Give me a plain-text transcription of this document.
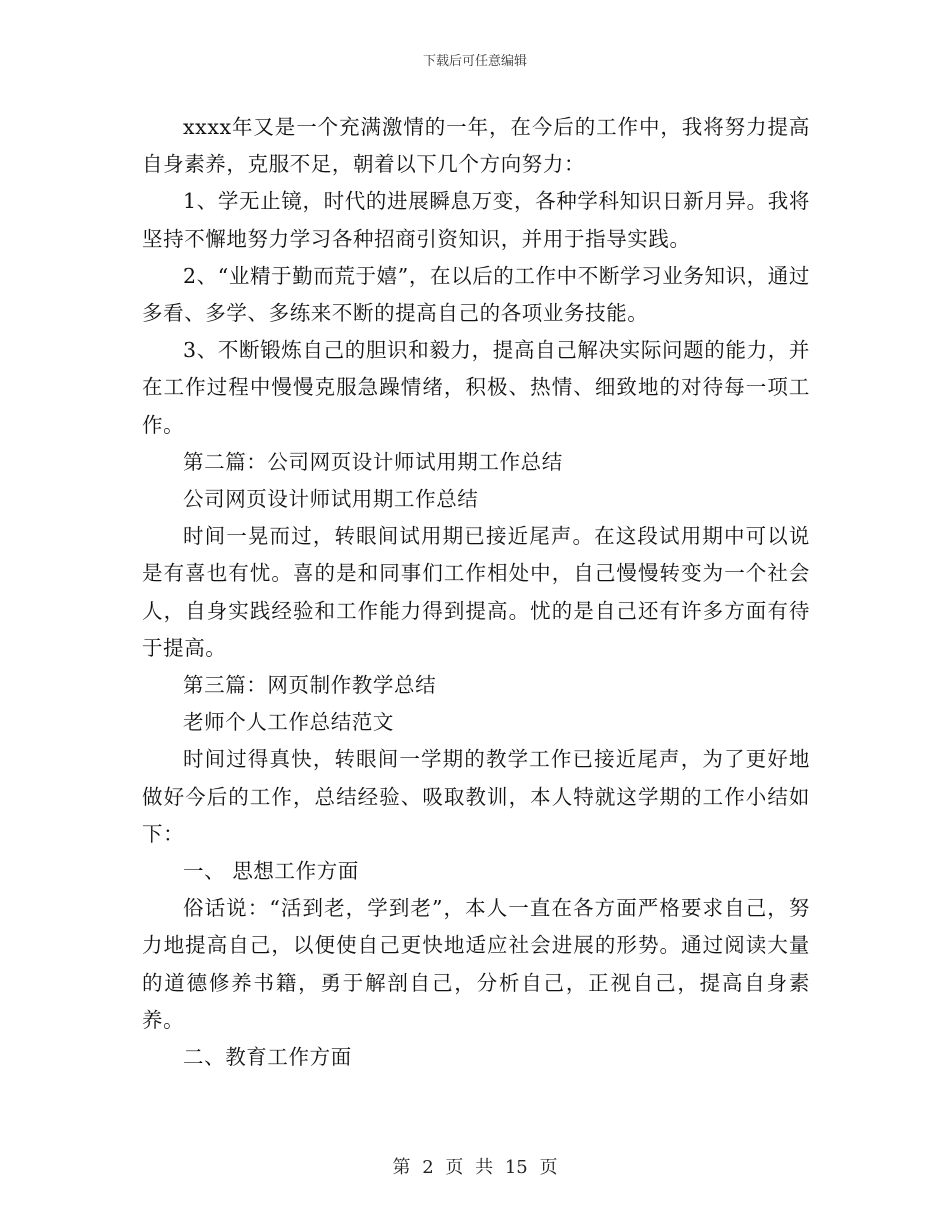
下载后可任意编辑

xxxx年又是一个充满激情的一年，在今后的工作中，我将努力提高自身素养，克服不足，朝着以下几个方向努力：

1、学无止镜，时代的进展瞬息万变，各种学科知识日新月异。我将坚持不懈地努力学习各种招商引资知识，并用于指导实践。

2、“业精于勤而荒于嬉”，在以后的工作中不断学习业务知识，通过多看、多学、多练来不断的提高自己的各项业务技能。

3、不断锻炼自己的胆识和毅力，提高自己解决实际问题的能力，并在工作过程中慢慢克服急躁情绪，积极、热情、细致地的对待每一项工作。

第二篇：公司网页设计师试用期工作总结

公司网页设计师试用期工作总结

时间一晃而过，转眼间试用期已接近尾声。在这段试用期中可以说是有喜也有忧。喜的是和同事们工作相处中，自己慢慢转变为一个社会人，自身实践经验和工作能力得到提高。忧的是自己还有许多方面有待于提高。

第三篇：网页制作教学总结

老师个人工作总结范文

时间过得真快，转眼间一学期的教学工作已接近尾声，为了更好地做好今后的工作，总结经验、吸取教训，本人特就这学期的工作小结如下：

一、 思想工作方面

俗话说：“活到老，学到老”，本人一直在各方面严格要求自己，努力地提高自己，以便使自己更快地适应社会进展的形势。通过阅读大量的道德修养书籍，勇于解剖自己，分析自己，正视自己，提高自身素养。

二、教育工作方面

第 2 页 共 15 页
